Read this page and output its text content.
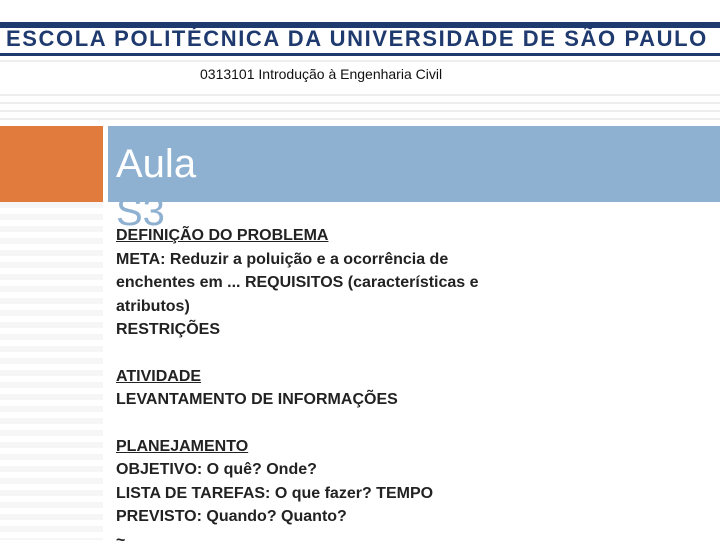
ESCOLA POLITÉCNICA DA UNIVERSIDADE DE SÃO PAULO
0313101 Introdução à Engenharia Civil
Aula
S3

DEFINIÇÃO DO PROBLEMA

META: Reduzir a poluição e a ocorrência de

enchentes em ... REQUISITOS (características e

atributos)

RESTRIÇÕES

ATIVIDADE

LEVANTAMENTO DE INFORMAÇÕES

PLANEJAMENTO

OBJETIVO: O quê? Onde?

LISTA DE TAREFAS: O que fazer? TEMPO

PREVISTO: Quando? Quanto?

~
